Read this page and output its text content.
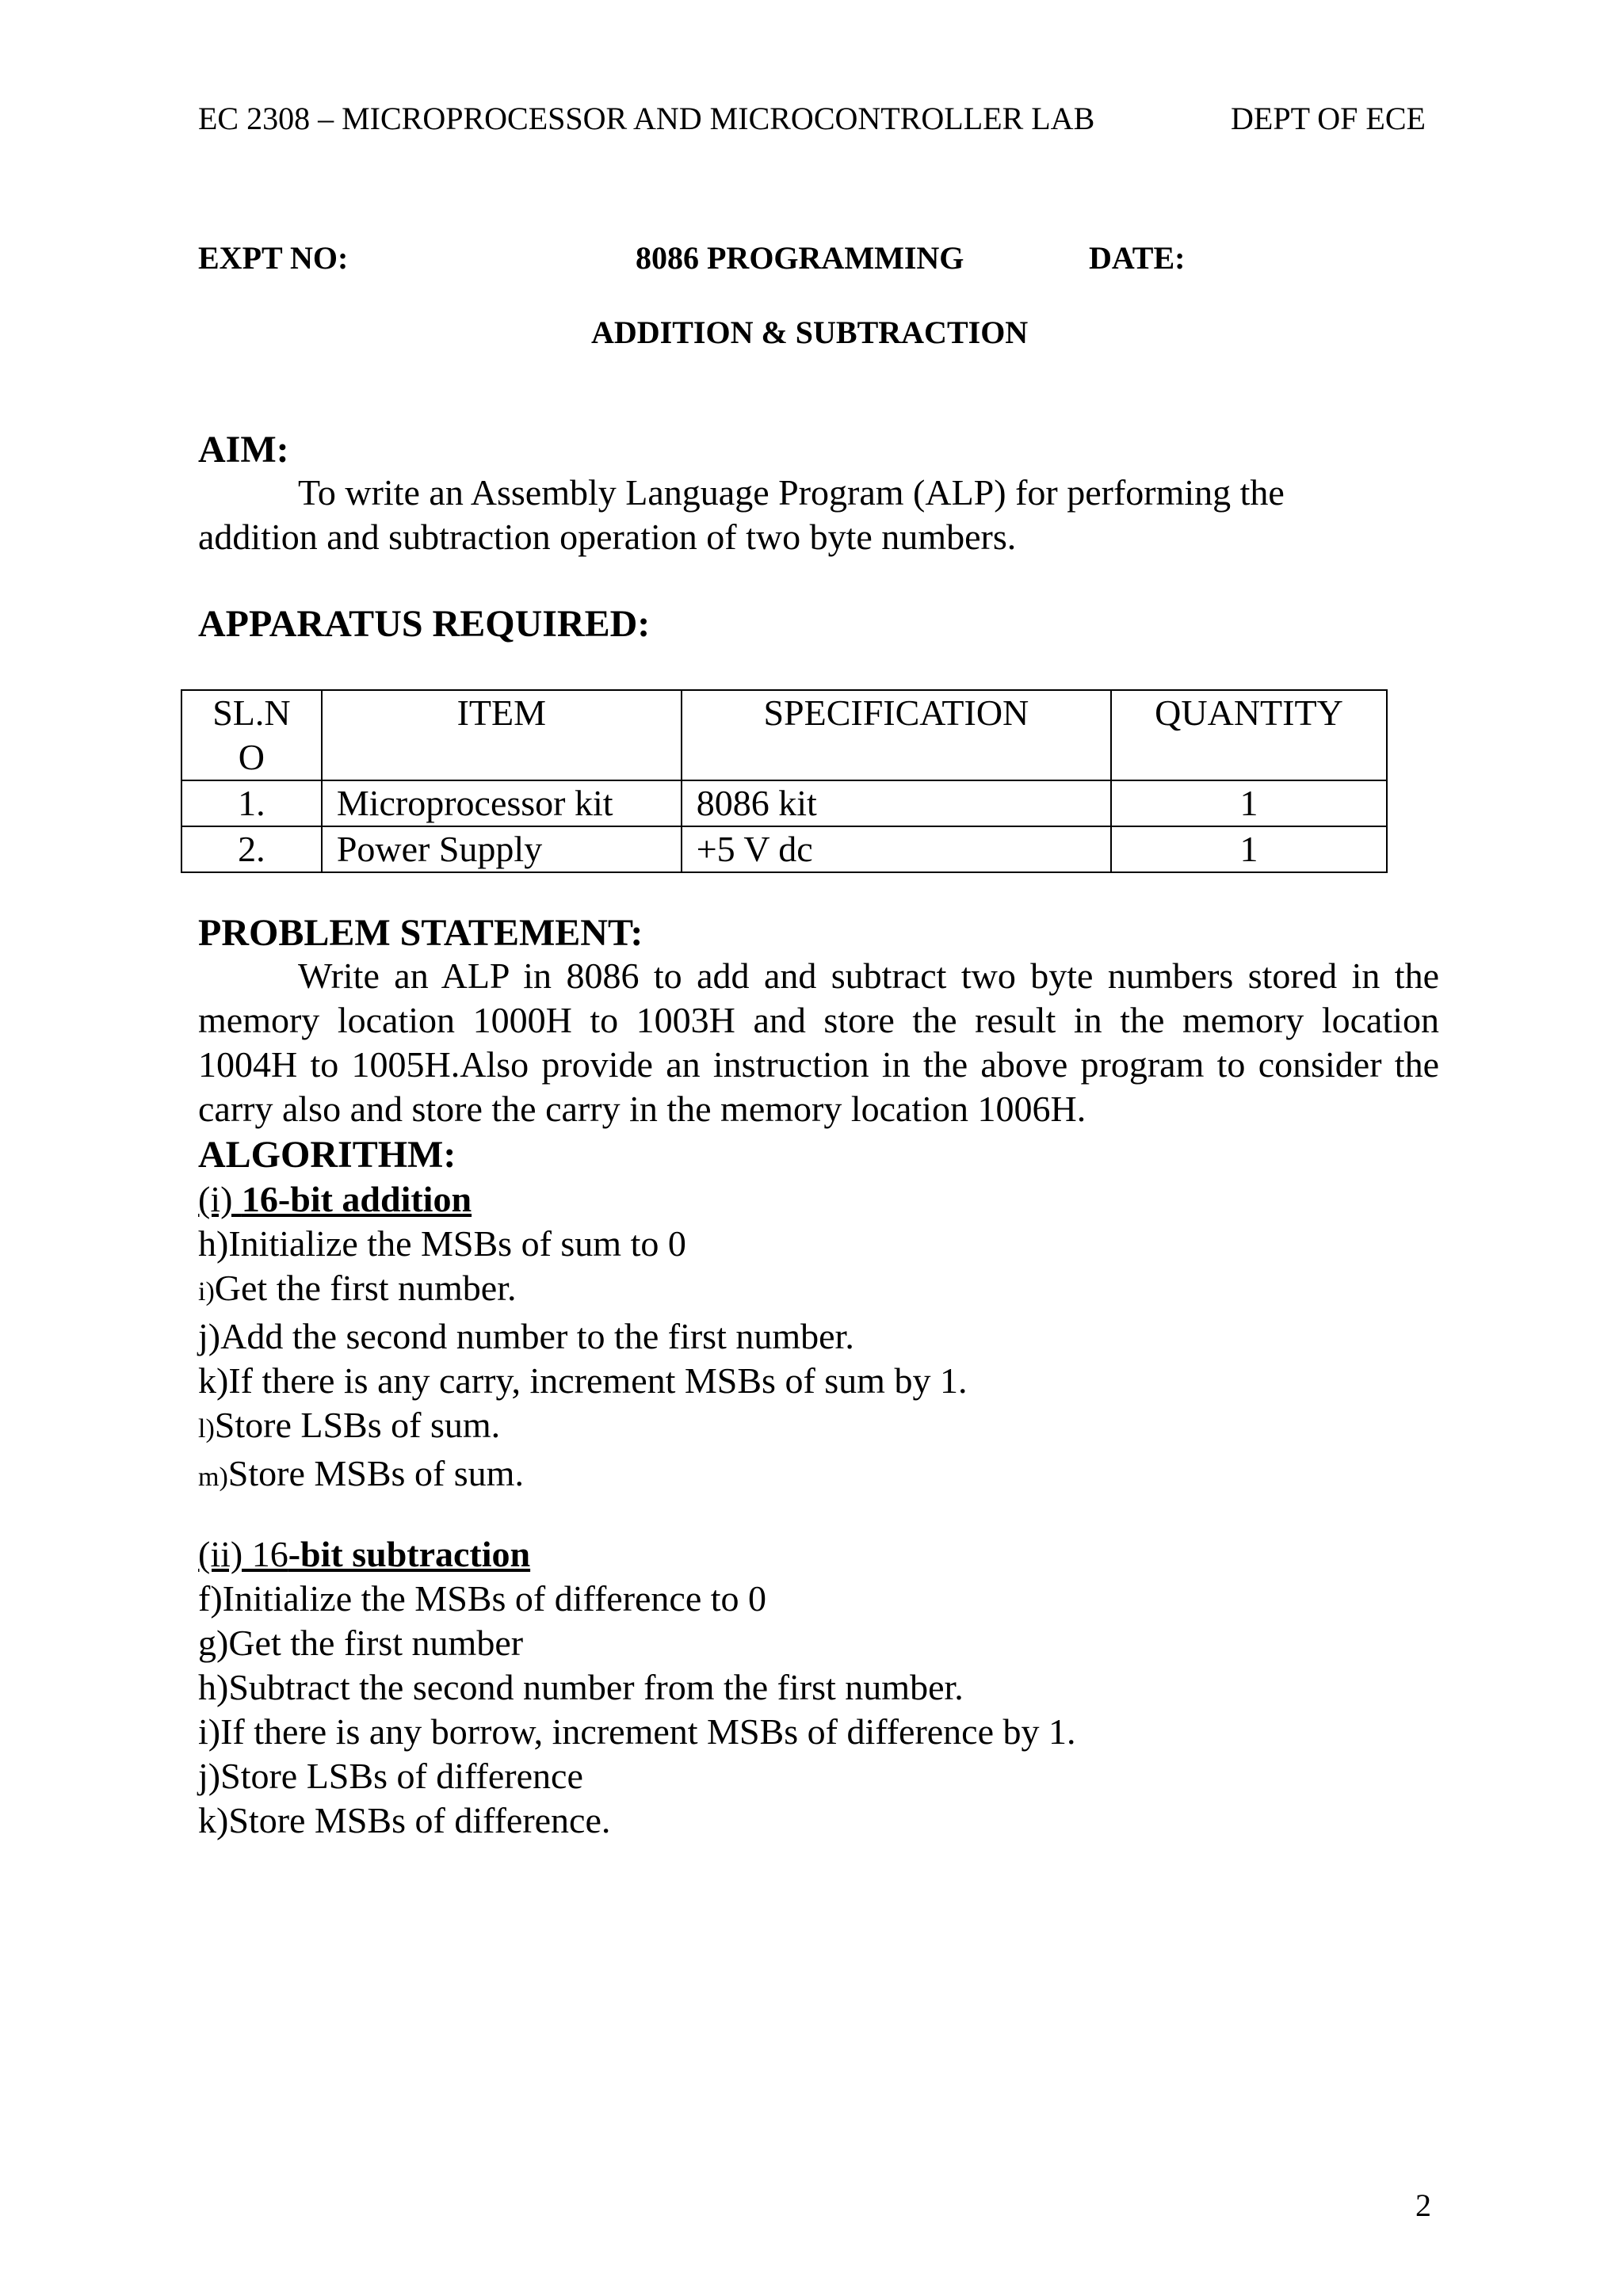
EC 2308 – MICROPROCESSOR AND MICROCONTROLLER LAB	DEPT OF ECE

EXPT NO:	8086 PROGRAMMING	DATE:

ADDITION & SUBTRACTION

AIM:

To write an Assembly Language Program (ALP) for performing the

addition and subtraction operation of two byte numbers.

APPARATUS REQUIRED:

SL.N O	ITEM	SPECIFICATION	QUANTITY
1.	Microprocessor kit	8086 kit	1
2.	Power Supply	+5 V dc	1

PROBLEM STATEMENT:

Write an ALP in 8086 to add and subtract two byte numbers stored in the memory location 1000H to 1003H and store the result in the memory location 1004H to 1005H.Also provide an instruction in the above program to consider the carry also and store the carry in the memory location 1006H.

ALGORITHM:

(i) 16-bit addition

h)Initialize the MSBs of sum to 0
i)Get the first number.
j)Add the second number to the first number.
k)If there is any carry, increment MSBs of sum by 1.
l)Store LSBs of sum.
m)Store MSBs of sum.

(ii) 16-bit subtraction

f)Initialize the MSBs of difference to 0
g)Get the first number
h)Subtract the second number from the first number.
i)If there is any borrow, increment MSBs of difference by 1.
j)Store LSBs of difference
k)Store MSBs of difference.

2
